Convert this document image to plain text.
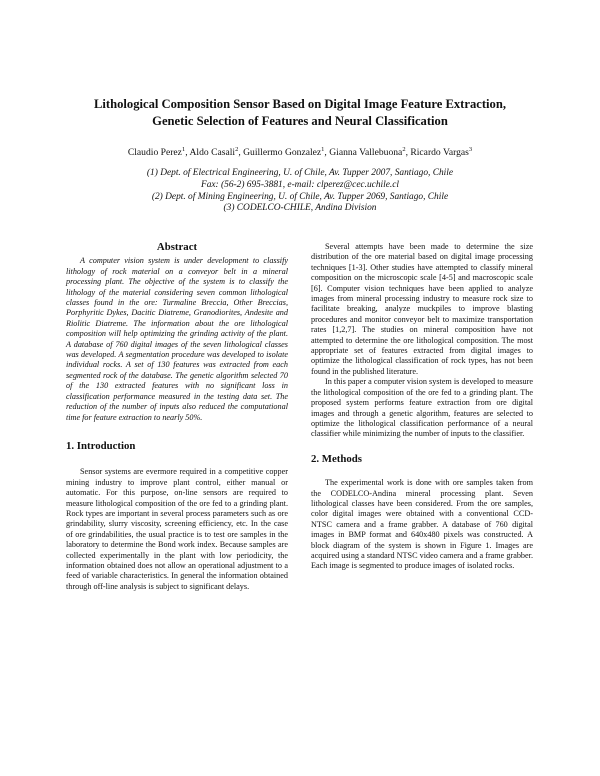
Lithological Composition Sensor Based on Digital Image Feature Extraction,
Genetic Selection of Features and Neural Classification
Claudio Perez$^1$, Aldo Casali$^2$, Guillermo Gonzalez$^1$, Gianna Vallebuona$^2$, Ricardo Vargas$^3$
(1) Dept. of Electrical Engineering, U. of Chile, Av. Tupper 2007, Santiago, Chile
Fax: (56-2) 695-3881, e-mail: clperez@cec.uchile.cl
(2) Dept. of Mining Engineering, U. of Chile, Av. Tupper 2069, Santiago, Chile
(3) CODELCO-CHILE, Andina Division
Abstract

A computer vision system is under development to classify lithology of rock material on a conveyor belt in a mineral processing plant. The objective of the system is to classify the lithology of the material considering seven common lithological classes found in the ore: Turmaline Breccia, Other Breccias, Porphyritic Dykes, Dacitic Diatreme, Granodiorites, Andesite and Riolitic Diatreme. The information about the ore lithological composition will help optimizing the grinding activity of the plant. A database of 760 digital images of the seven lithological classes was developed. A segmentation procedure was developed to isolate individual rocks. A set of 130 features was extracted from each segmented rock of the database. The genetic algorithm selected 70 of the 130 extracted features with no significant loss in classification performance measured in the testing data set. The reduction of the number of inputs also reduced the computational time for feature extraction to nearly 50%.

1. Introduction

Sensor systems are evermore required in a competitive copper mining industry to improve plant control, either manual or automatic. For this purpose, on-line sensors are required to measure lithological composition of the ore fed to a grinding plant. Rock types are important in several process parameters such as ore grindability, slurry viscosity, screening efficiency, etc. In the case of ore grindabilities, the usual practice is to test ore samples in the laboratory to determine the Bond work index. Because samples are collected experimentally in the plant with low periodicity, the information obtained does not allow an operational adjustment to a feed of variable characteristics. In general the information obtained through off-line analysis is subject to significant delays.

Several attempts have been made to determine the size distribution of the ore material based on digital image processing techniques [1-3]. Other studies have attempted to classify mineral composition on the microscopic scale [4-5] and macroscopic scale [6]. Computer vision techniques have been applied to analyze images from mineral processing industry to measure rock size to facilitate breaking, analyze muckpiles to improve blasting procedures and monitor conveyor belt to maximize transportation rates [1,2,7]. The studies on mineral composition have not attempted to determine the ore lithological composition. The most appropriate set of features extracted from digital images to optimize the lithological classification of rock types, has not been found in the published literature.

In this paper a computer vision system is developed to measure the lithological composition of the ore fed to a grinding plant. The proposed system performs feature extraction from ore digital images and through a genetic algorithm, features are selected to optimize the lithological classification performance of a neural classifier while minimizing the number of inputs to the classifier.

2. Methods

The experimental work is done with ore samples taken from the CODELCO-Andina mineral processing plant. Seven lithological classes have been considered. From the ore samples, color digital images were obtained with a conventional CCD-NTSC camera and a frame grabber. A database of 760 digital images in BMP format and 640x480 pixels was constructed. A block diagram of the system is shown in Figure 1. Images are acquired using a standard NTSC video camera and a frame grabber. Each image is segmented to produce images of isolated rocks.
